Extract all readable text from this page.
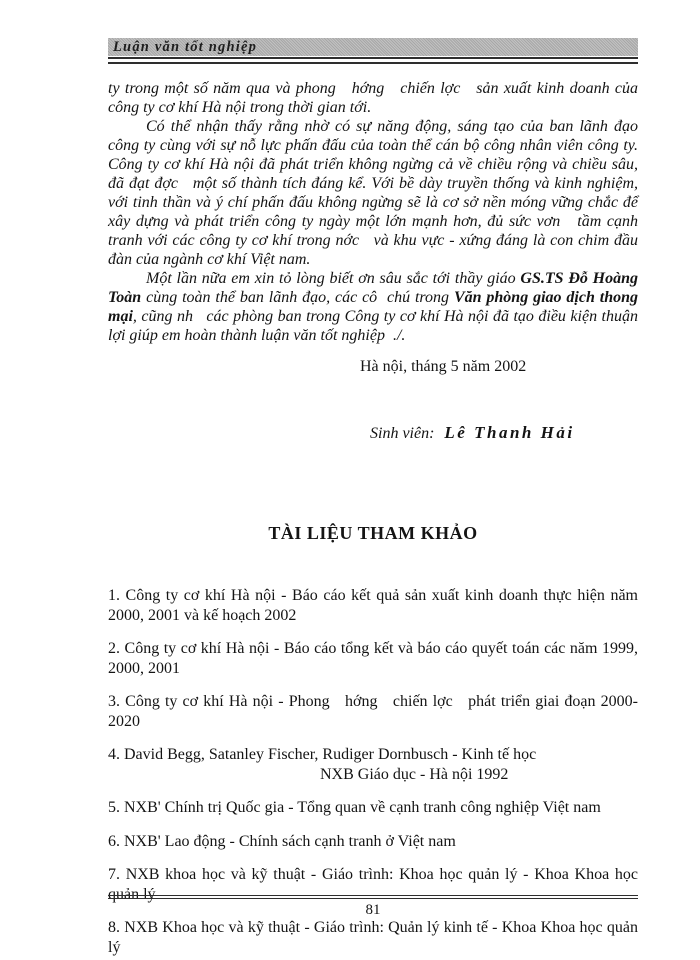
Luận văn tốt nghiệp

ty trong một số năm qua và phong   hớng   chiến lợc   sản xuất kinh doanh của công ty cơ khí Hà nội trong thời gian tới.

Có thể nhận thấy rằng nhờ có sự năng động, sáng tạo của ban lãnh đạo công ty cùng với sự nỗ lực phấn đấu của toàn thể cán bộ công nhân viên công ty. Công ty cơ khí Hà nội đã phát triển không ngừng cả về chiều rộng và chiều sâu, đã đạt đợc   một số thành tích đáng kể. Với bề dày truyền thống và kinh nghiệm, với tinh thần và ý chí phấn đấu không ngừng sẽ là cơ sở nền móng vững chắc để xây dựng và phát triển công ty ngày một lớn mạnh hơn, đủ sức vơn   tầm cạnh tranh với các công ty cơ khí trong nớc   và khu vực - xứng đáng là con chim đầu đàn của ngành cơ khí Việt nam.

Một lần nữa em xin tỏ lòng biết ơn sâu sắc tới thầy giáo GS.TS Đỗ Hoàng Toàn cùng toàn thể ban lãnh đạo, các cô  chú trong Văn phòng giao dịch thong   mại, cũng nh   các phòng ban trong Công ty cơ khí Hà nội đã tạo điều kiện thuận lợi giúp em hoàn thành luận văn tốt nghiệp  ./.

Hà nội, tháng 5 năm 2002

Sinh viên: Lê Thanh Hải

TÀI LIỆU THAM KHẢO
1. Công ty cơ khí Hà nội - Báo cáo kết quả sản xuất kinh doanh thực hiện năm 2000, 2001 và kế hoạch 2002
2. Công ty cơ khí Hà nội - Báo cáo tổng kết và báo cáo quyết toán các năm 1999, 2000, 2001
3. Công ty cơ khí Hà nội - Phong   hớng   chiến lợc   phát triển giai đoạn 2000- 2020
4. David Begg, Satanley Fischer, Rudiger Dornbusch - Kinh tế học
NXB Giáo dục - Hà nội 1992
5. NXB' Chính trị Quốc gia - Tổng quan về cạnh tranh công nghiệp Việt nam
6. NXB' Lao động - Chính sách cạnh tranh ở Việt nam
7. NXB khoa học và kỹ thuật - Giáo trình: Khoa học quản lý - Khoa Khoa học quản lý
8. NXB Khoa học và kỹ thuật - Giáo trình: Quản lý kinh tế - Khoa Khoa học quản lý
81
